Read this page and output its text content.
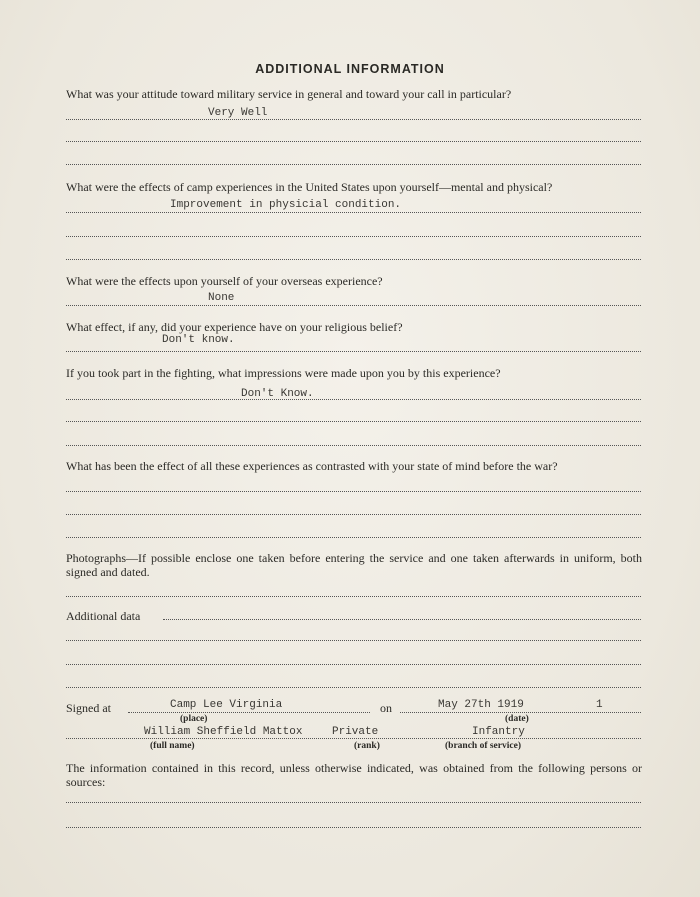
ADDITIONAL INFORMATION
What was your attitude toward military service in general and toward your call in particular?
Very Well
What were the effects of camp experiences in the United States upon yourself—mental and physical?
Improvement in physicial condition.
What were the effects upon yourself of your overseas experience?
None
What effect, if any, did your experience have on your religious belief?
Don't know.
If you took part in the fighting, what impressions were made upon you by this experience?
Don't Know.
What has been the effect of all these experiences as contrasted with your state of mind before the war?
Photographs—If possible enclose one taken before entering the service and one taken afterwards in uniform, both signed and dated.
Additional data
Signed at	Camp Lee Virginia	on	May 27th 1919	1
(place)	(date)
William Sheffield Mattox	Private	Infantry
(full name)	(rank)	(branch of service)
The information contained in this record, unless otherwise indicated, was obtained from the following persons or sources:
